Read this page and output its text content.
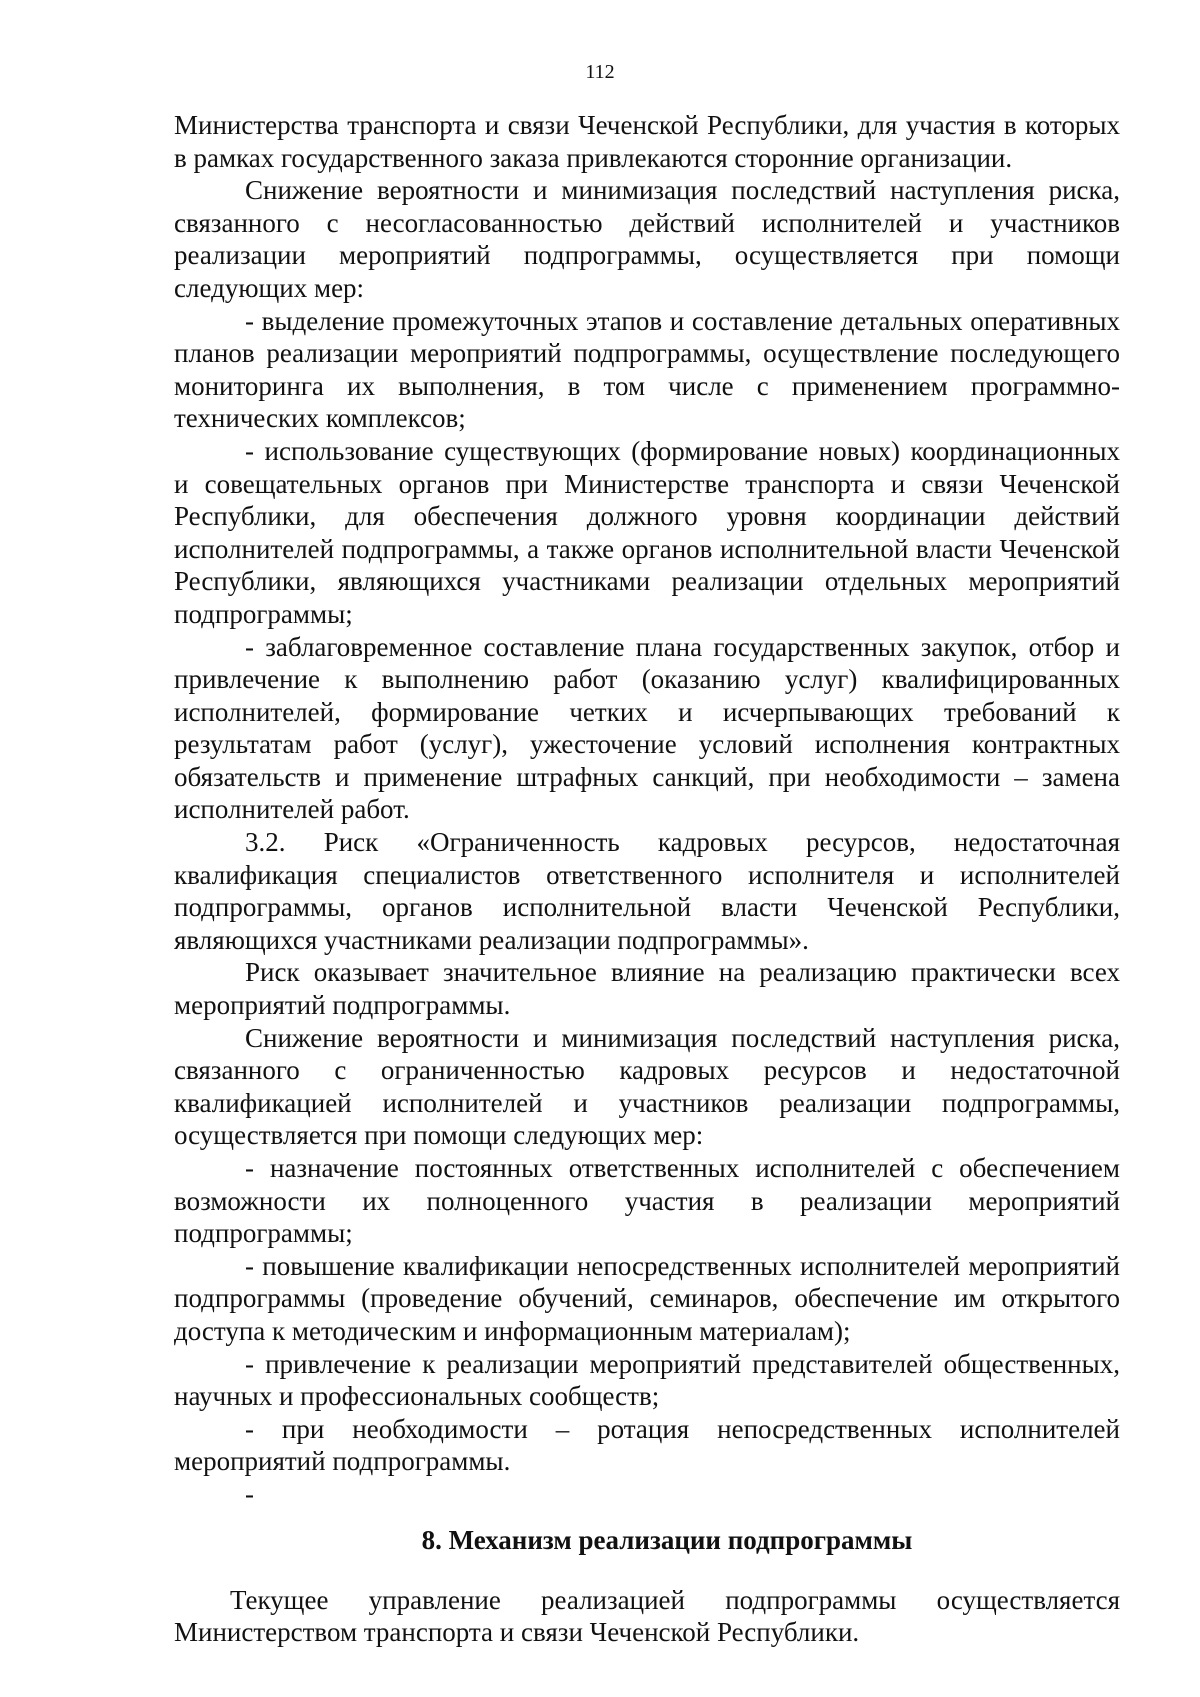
112

Министерства транспорта и связи Чеченской Республики, для участия в которых в рамках государственного заказа привлекаются сторонние организации.

Снижение вероятности и минимизация последствий наступления риска, связанного с несогласованностью действий исполнителей и участников реализации мероприятий подпрограммы, осуществляется при помощи следующих мер:

- выделение промежуточных этапов и составление детальных оперативных планов реализации мероприятий подпрограммы, осуществление последующего мониторинга их выполнения, в том числе с применением программно-технических комплексов;

- использование существующих (формирование новых) координационных и совещательных органов при Министерстве транспорта и связи Чеченской Республики, для обеспечения должного уровня координации действий исполнителей подпрограммы, а также органов исполнительной власти Чеченской Республики, являющихся участниками реализации отдельных мероприятий подпрограммы;

- заблаговременное составление плана государственных закупок, отбор и привлечение к выполнению работ (оказанию услуг) квалифицированных исполнителей, формирование четких и исчерпывающих требований к результатам работ (услуг), ужесточение условий исполнения контрактных обязательств и применение штрафных санкций, при необходимости – замена исполнителей работ.

3.2. Риск «Ограниченность кадровых ресурсов, недостаточная квалификация специалистов ответственного исполнителя и исполнителей подпрограммы, органов исполнительной власти Чеченской Республики, являющихся участниками реализации подпрограммы».

Риск оказывает значительное влияние на реализацию практически всех мероприятий подпрограммы.

Снижение вероятности и минимизация последствий наступления риска, связанного с ограниченностью кадровых ресурсов и недостаточной квалификацией исполнителей и участников реализации подпрограммы, осуществляется при помощи следующих мер:

- назначение постоянных ответственных исполнителей с обеспечением возможности их полноценного участия в реализации мероприятий подпрограммы;

- повышение квалификации непосредственных исполнителей мероприятий подпрограммы (проведение обучений, семинаров, обеспечение им открытого доступа к методическим и информационным материалам);

- привлечение к реализации мероприятий представителей общественных, научных и профессиональных сообществ;

- при необходимости – ротация непосредственных исполнителей мероприятий подпрограммы.

-

8. Механизм реализации подпрограммы

Текущее управление реализацией подпрограммы осуществляется Министерством транспорта и связи Чеченской Республики.
